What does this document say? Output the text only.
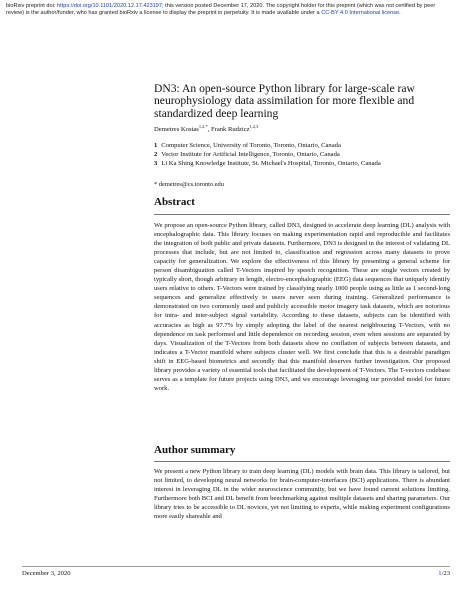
bioRxiv preprint doi: https://doi.org/10.1101/2020.12.17.423197; this version posted December 17, 2020. The copyright holder for this preprint (which was not certified by peer review) is the author/funder, who has granted bioRxiv a license to display the preprint in perpetuity. It is made available under a CC-BY 4.0 International license.
DN3: An open-source Python library for large-scale raw neurophysiology data assimilation for more flexible and standardized deep learning
Demetres Kostas$^{1,2,*}$, Frank Rudzicz$^{1,2,3}$
1 Computer Science, University of Toronto, Toronto, Ontario, Canada
2 Vector Institute for Artificial Intelligence, Toronto, Ontario, Canada
3 Li Ka Shing Knowledge Institute, St. Michael's Hospital, Toronto, Ontario, Canada
* demetres@cs.toronto.edu
Abstract
We propose an open-source Python library, called DN3, designed to accelerate deep learning (DL) analysis with encephalographic data. This library focuses on making experimentation rapid and reproducible and facilitates the integration of both public and private datasets. Furthermore, DN3 is designed in the interest of validating DL processes that include, but are not limited to, classification and regression across many datasets to prove capacity for generalization. We explore the effectiveness of this library by presenting a general scheme for person disambiguation called T-Vectors inspired by speech recognition. These are single vectors created by typically short, though arbitrary in length, electro-encephalographic (EEG) data sequences that uniquely identify users relative to others. T-Vectors were trained by classifying nearly 1000 people using as little as 1 second-long sequences and generalize effectively to users never seen during training. Generalized performance is demonstrated on two commonly used and publicly accessible motor imagery task datasets, which are notorious for intra- and inter-subject signal variability. According to these datasets, subjects can be identified with accuracies as high as 97.7% by simply adopting the label of the nearest neighbouring T-Vectors, with no dependence on task performed and little dependence on recording session, even when sessions are separated by days. Visualization of the T-Vectors from both datasets show no conflation of subjects between datasets, and indicates a T-Vector manifold where subjects cluster well. We first conclude that this is a desirable paradigm shift in EEG-based biometrics and secondly that this manifold deserves further investigation. Our proposed library provides a variety of essential tools that facilitated the development of T-Vectors. The T-vectors codebase serves as a template for future projects using DN3, and we encourage leveraging our provided model for future work.
Author summary
We present a new Python library to train deep learning (DL) models with brain data. This library is tailored, but not limited, to developing neural networks for brain-computer-interfaces (BCI) applications. There is abundant interest in leveraging DL in the wider neuroscience community, but we have found current solutions limiting. Furthermore both BCI and DL benefit from benchmarking against multiple datasets and sharing parameters. Our library tries to be accessible to DL novices, yet not limiting to experts, while making experiment configurations more easily shareable and
December 3, 2020	1/23
